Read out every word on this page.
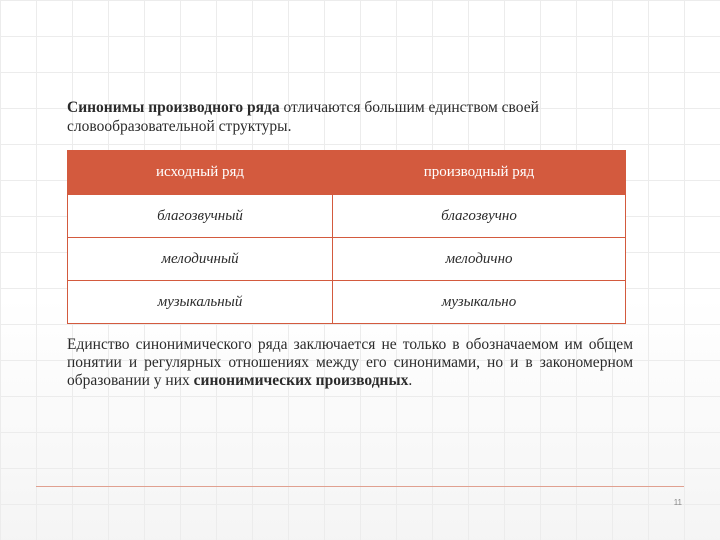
Синонимы производного ряда отличаются большим единством своей словообразовательной структуры.

исходный ряд	производный ряд
благозвучный	благозвучно
мелодичный	мелодично
музыкальный	музыкально

Единство синонимического ряда заключается не только в обозначаемом им общем понятии и регулярных отношениях между его синонимами, но и в закономерном образовании у них синонимических производных.

11
